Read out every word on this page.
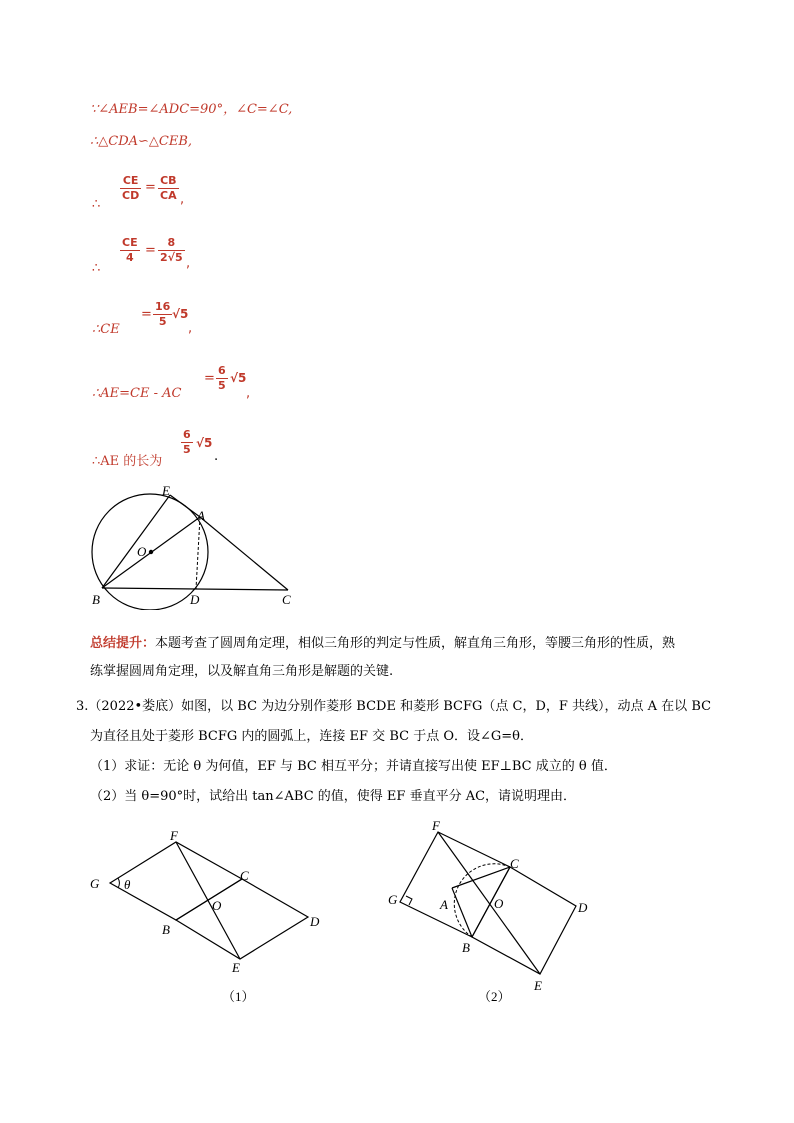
∵∠AEB=∠ADC=90°，∠C=∠C,
∴△CDA∽△CEB,
∴
$\frac{CE}{CD} = \frac{CB}{CA}$ ,
∴
$\frac{CE}{4} = \frac{8}{2√5}$ ,
∴CE
= $\frac{16}{5} √5$
,
∴AE=CE - AC
= $\frac{6}{5} √5$
,
∴AE 的长为
$\frac{6}{5} √5$
.
E
A
O
B	D	C
总结提升：本题考查了圆周角定理，相似三角形的判定与性质，解直角三角形，等腰三角形的性质，熟
练掌握圆周角定理，以及解直角三角形是解题的关键.
3.（2022•娄底）如图，以 BC 为边分别作菱形 BCDE 和菱形 BCFG（点 C，D，F 共线），动点 A 在以 BC
为直径且处于菱形 BCFG 内的圆弧上，连接 EF 交 BC 于点 O．设∠G=θ．
（1）求证：无论 θ 为何值，EF 与 BC 相互平分；并请直接写出使 EF⊥BC 成立的 θ 值．
（2）当 θ=90°时，试给出 tan∠ABC 的值，使得 EF 垂直平分 AC，请说明理由．
F
G θ
C
O
B
D
E
（1）
F
G
C
A	O
B
D
E
（2）
